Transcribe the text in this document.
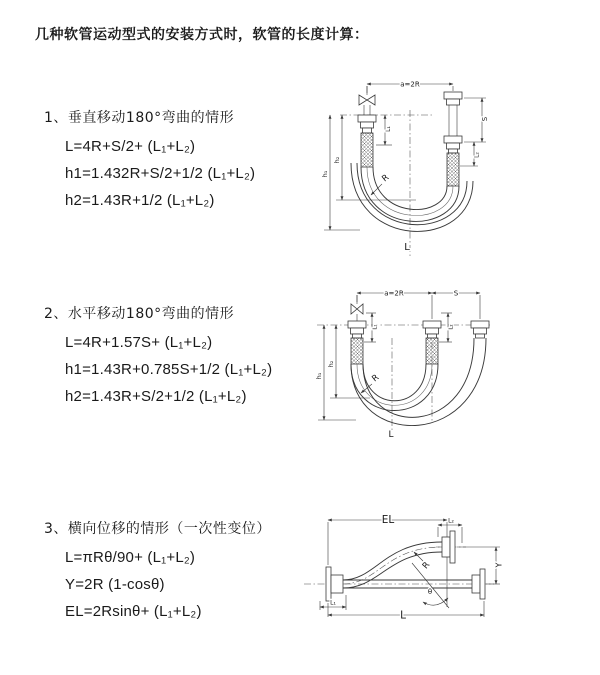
几种软管运动型式的安装方式时，软管的长度计算：

1、垂直移动180°弯曲的情形

L=4R+S/2+ (L₁+L₂)

h1=1.432R+S/2+1/2 (L₁+L₂)

h2=1.43R+1/2 (L₁+L₂)

2、水平移动180°弯曲的情形

L=4R+1.57S+ (L₁+L₂)

h1=1.43R+0.785S+1/2 (L₁+L₂)

h2=1.43R+S/2+1/2 (L₁+L₂)

3、横向位移的情形（一次性变位）

L=πRθ/90+ (L₁+L₂)

Y=2R (1-cosθ)

EL=2Rsinθ+ (L₁+L₂)

a=2R
h₁
h₂
L₁
S
L₂
R
L
a=2R	S
h₁
h₂
L₁	L₂
R
L
EL	L₂
θ
R	Y
L₁
L
